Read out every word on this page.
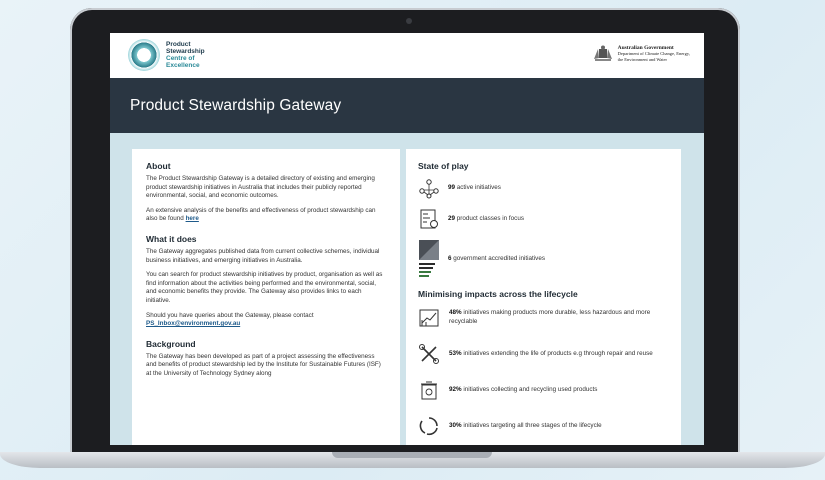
Product
Stewardship
Centre of
Excellence
Australian Government
Department of Climate Change, Energy,
the Environment and Water
Product Stewardship Gateway
About

The Product Stewardship Gateway is a detailed directory of existing and emerging product stewardship initiatives in Australia that includes their publicly reported environmental, social, and economic outcomes.

An extensive analysis of the benefits and effectiveness of product stewardship can also be found here

What it does

The Gateway aggregates published data from current collective schemes, individual business initiatives, and emerging initiatives in Australia.

You can search for product stewardship initiatives by product, organisation as well as find information about the activities being performed and the environmental, social, and economic benefits they provide. The Gateway also provides links to each initiative.

Should you have queries about the Gateway, please contact
PS_Inbox@environment.gov.au

Background

The Gateway has been developed as part of a project assessing the effectiveness and benefits of product stewardship led by the Institute for Sustainable Futures (ISF) at the University of Technology Sydney along

State of play
99 active initiatives
29 product classes in focus
6 government accredited initiatives
Minimising impacts across the lifecycle
48% initiatives making products more durable, less hazardous and more recyclable
53% initiatives extending the life of products e.g through repair and reuse
92% initiatives collecting and recycling used products
30% initiatives targeting all three stages of the lifecycle
